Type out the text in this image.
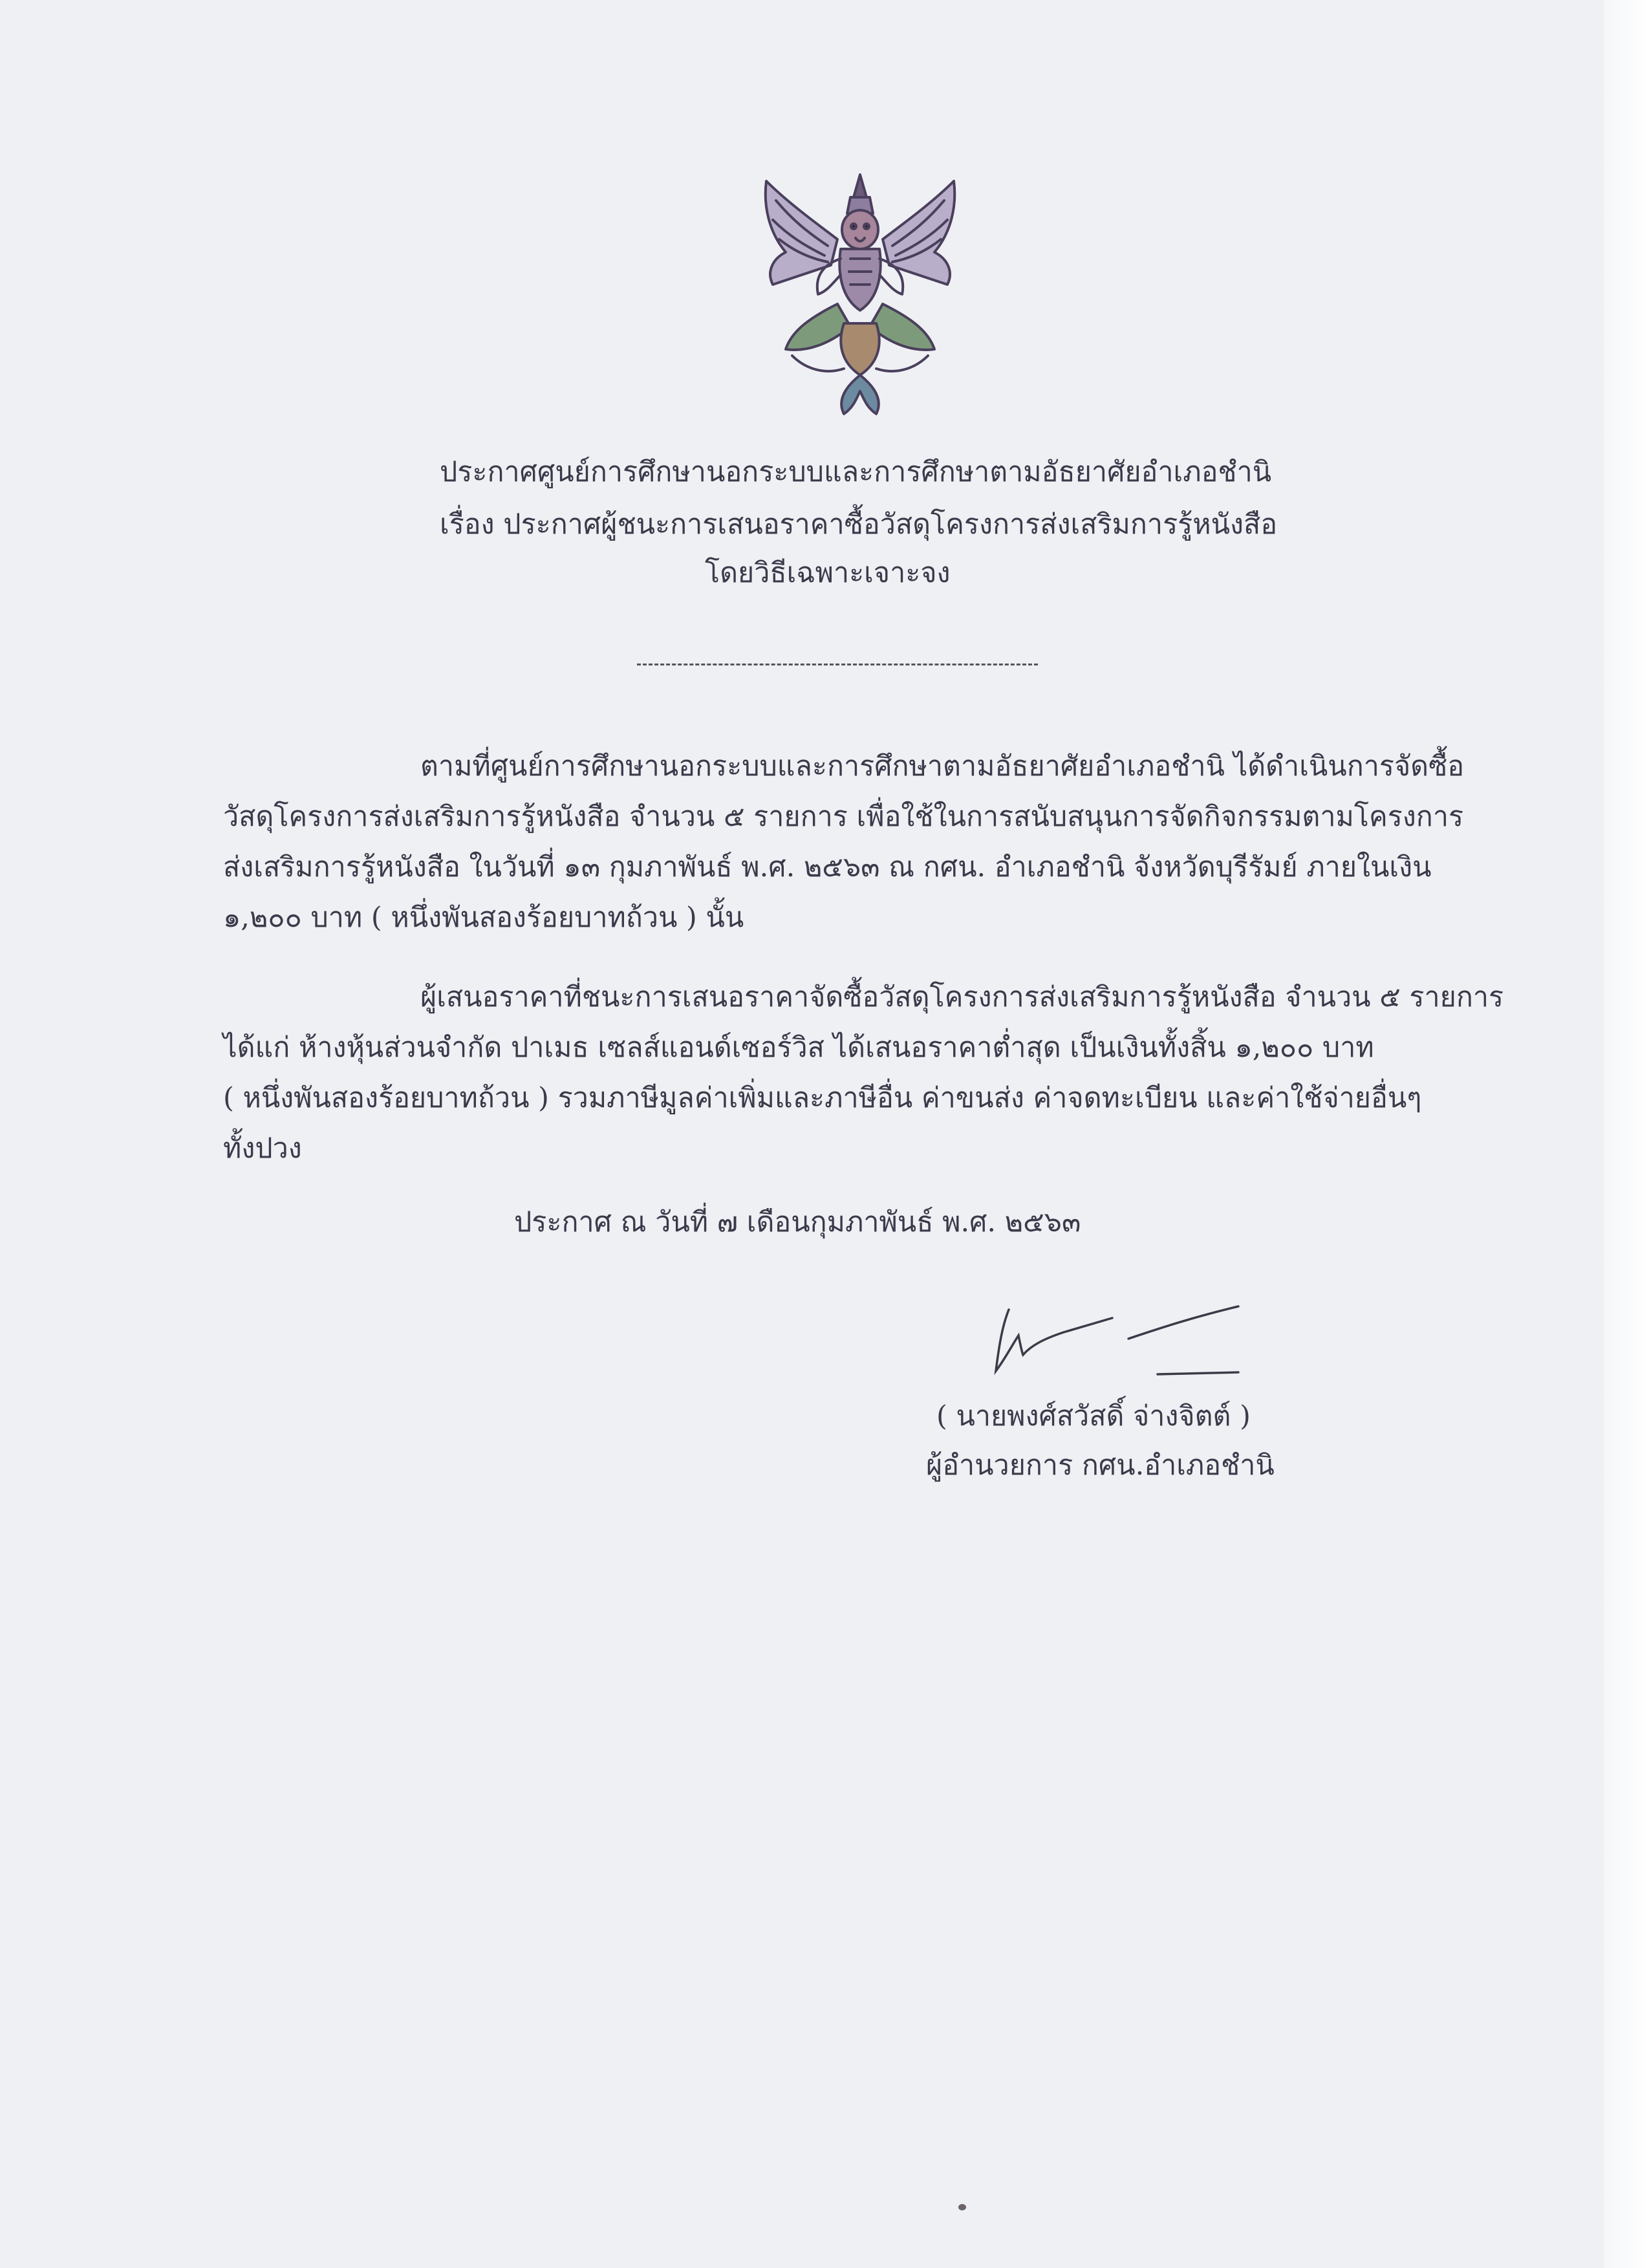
ประกาศศูนย์การศึกษานอกระบบและการศึกษาตามอัธยาศัยอำเภอชำนิ
เรื่อง ประกาศผู้ชนะการเสนอราคาซื้อวัสดุโครงการส่งเสริมการรู้หนังสือ
โดยวิธีเฉพาะเจาะจง
ตามที่ศูนย์การศึกษานอกระบบและการศึกษาตามอัธยาศัยอำเภอชำนิ ได้ดำเนินการจัดซื้อ
วัสดุโครงการส่งเสริมการรู้หนังสือ จำนวน ๕ รายการ เพื่อใช้ในการสนับสนุนการจัดกิจกรรมตามโครงการ
ส่งเสริมการรู้หนังสือ ในวันที่ ๑๓ กุมภาพันธ์ พ.ศ. ๒๕๖๓ ณ กศน. อำเภอชำนิ จังหวัดบุรีรัมย์ ภายในเงิน
๑,๒๐๐ บาท ( หนึ่งพันสองร้อยบาทถ้วน ) นั้น
ผู้เสนอราคาที่ชนะการเสนอราคาจัดซื้อวัสดุโครงการส่งเสริมการรู้หนังสือ จำนวน ๕ รายการ
ได้แก่ ห้างหุ้นส่วนจำกัด ปาเมธ เซลส์แอนด์เซอร์วิส ได้เสนอราคาต่ำสุด เป็นเงินทั้งสิ้น ๑,๒๐๐ บาท
( หนึ่งพันสองร้อยบาทถ้วน ) รวมภาษีมูลค่าเพิ่มและภาษีอื่น ค่าขนส่ง ค่าจดทะเบียน และค่าใช้จ่ายอื่นๆ
ทั้งปวง
ประกาศ ณ วันที่ ๗ เดือนกุมภาพันธ์ พ.ศ. ๒๕๖๓
( นายพงศ์สวัสดิ์ จ่างจิตต์ )
ผู้อำนวยการ กศน.อำเภอชำนิ
